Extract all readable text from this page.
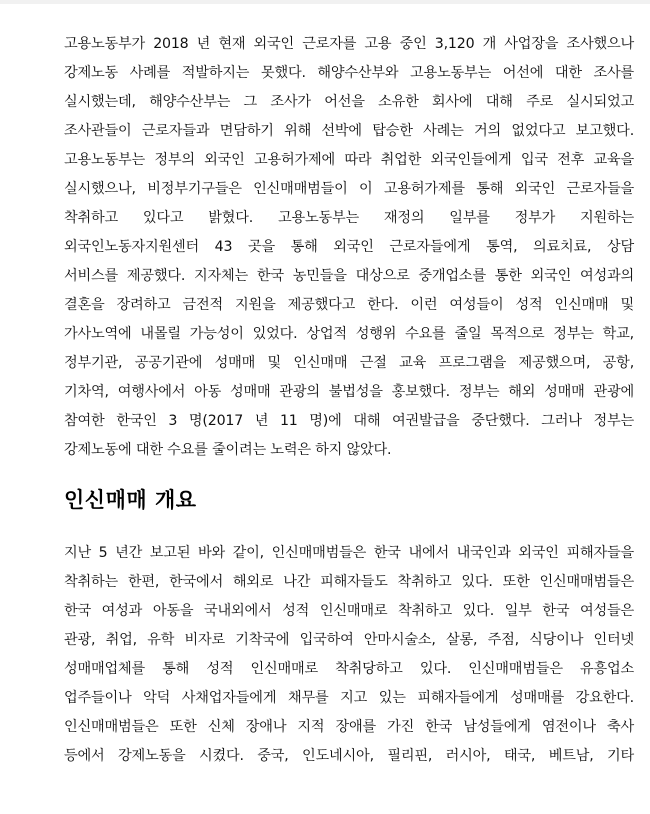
고용노동부가 2018 년 현재 외국인 근로자를 고용 중인 3,120 개 사업장을 조사했으나
강제노동 사례를 적발하지는 못했다. 해양수산부와 고용노동부는 어선에 대한 조사를
실시했는데, 해양수산부는 그 조사가 어선을 소유한 회사에 대해 주로 실시되었고
조사관들이 근로자들과 면담하기 위해 선박에 탑승한 사례는 거의 없었다고 보고했다.
고용노동부는 정부의 외국인 고용허가제에 따라 취업한 외국인들에게 입국 전후 교육을
실시했으나, 비정부기구들은 인신매매범들이 이 고용허가제를 통해 외국인 근로자들을
착취하고 있다고 밝혔다. 고용노동부는 재정의 일부를 정부가 지원하는
외국인노동자지원센터 43 곳을 통해 외국인 근로자들에게 통역, 의료치료, 상담
서비스를 제공했다. 지자체는 한국 농민들을 대상으로 중개업소를 통한 외국인 여성과의
결혼을 장려하고 금전적 지원을 제공했다고 한다. 이런 여성들이 성적 인신매매 및
가사노역에 내몰릴 가능성이 있었다. 상업적 성행위 수요를 줄일 목적으로 정부는 학교,
정부기관, 공공기관에 성매매 및 인신매매 근절 교육 프로그램을 제공했으며, 공항,
기차역, 여행사에서 아동 성매매 관광의 불법성을 홍보했다. 정부는 해외 성매매 관광에
참여한 한국인 3 명(2017 년 11 명)에 대해 여권발급을 중단했다. 그러나 정부는
강제노동에 대한 수요를 줄이려는 노력은 하지 않았다.
인신매매 개요
지난 5 년간 보고된 바와 같이, 인신매매범들은 한국 내에서 내국인과 외국인 피해자들을
착취하는 한편, 한국에서 해외로 나간 피해자들도 착취하고 있다. 또한 인신매매범들은
한국 여성과 아동을 국내외에서 성적 인신매매로 착취하고 있다. 일부 한국 여성들은
관광, 취업, 유학 비자로 기착국에 입국하여 안마시술소, 살롱, 주점, 식당이나 인터넷
성매매업체를 통해 성적 인신매매로 착취당하고 있다. 인신매매범들은 유흥업소
업주들이나 악덕 사채업자들에게 채무를 지고 있는 피해자들에게 성매매를 강요한다.
인신매매범들은 또한 신체 장애나 지적 장애를 가진 한국 남성들에게 염전이나 축사
등에서 강제노동을 시켰다. 중국, 인도네시아, 필리핀, 러시아, 태국, 베트남, 기타
